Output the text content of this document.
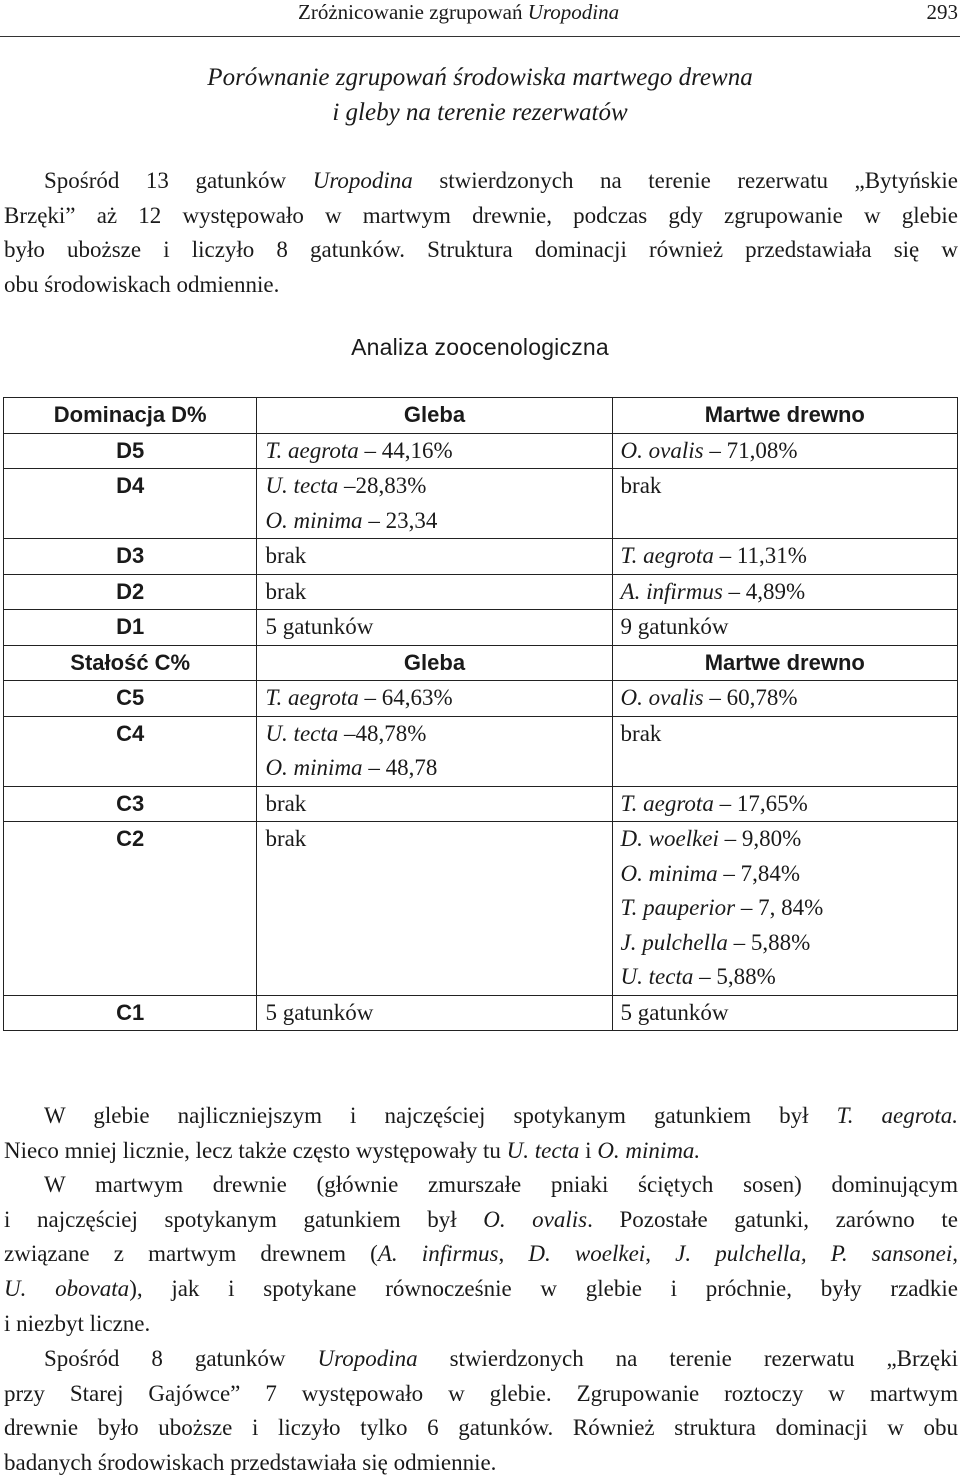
Zróżnicowanie zgrupowań Uropodina	293
Porównanie zgrupowań środowiska martwego drewna
i gleby na terenie rezerwatów
Spośród 13 gatunków Uropodina stwierdzonych na terenie rezerwatu „Bytyńskie
Brzęki” aż 12 występowało w martwym drewnie, podczas gdy zgrupowanie w glebie
było uboższe i liczyło 8 gatunków. Struktura dominacji również przedstawiała się w
obu środowiskach odmiennie.
Analiza zoocenologiczna
Dominacja D%	Gleba	Martwe drewno
D5	T. aegrota – 44,16%	O. ovalis – 71,08%

D4	U. tecta –28,83%
O. minima – 23,34	brak

D3	brak	T. aegrota – 11,31%

D2	brak	A. infirmus – 4,89%

D1	5 gatunków	9 gatunków

Stałość C%	Gleba	Martwe drewno
C5	T. aegrota – 64,63%	O. ovalis – 60,78%

C4	U. tecta –48,78%
O. minima – 48,78	brak

C3	brak	T. aegrota – 17,65%

C2	brak	D. woelkei – 9,80%
O. minima – 7,84%
T. pauperior – 7, 84%
J. pulchella – 5,88%
U. tecta – 5,88%

C1	5 gatunków	5 gatunków
W glebie najliczniejszym i najczęściej spotykanym gatunkiem był T. aegrota.
Nieco mniej licznie, lecz także często występowały tu U. tecta i O. minima.
W martwym drewnie (głównie zmurszałe pniaki ściętych sosen) dominującym
i najczęściej spotykanym gatunkiem był O. ovalis. Pozostałe gatunki, zarówno te
związane z martwym drewnem (A. infirmus, D. woelkei, J. pulchella, P. sansonei,
U. obovata), jak i spotykane równocześnie w glebie i próchnie, były rzadkie
i niezbyt liczne.
Spośród 8 gatunków Uropodina stwierdzonych na terenie rezerwatu „Brzęki
przy Starej Gajówce” 7 występowało w glebie. Zgrupowanie roztoczy w martwym
drewnie było uboższe i liczyło tylko 6 gatunków. Również struktura dominacji w obu
badanych środowiskach przedstawiała się odmiennie.
